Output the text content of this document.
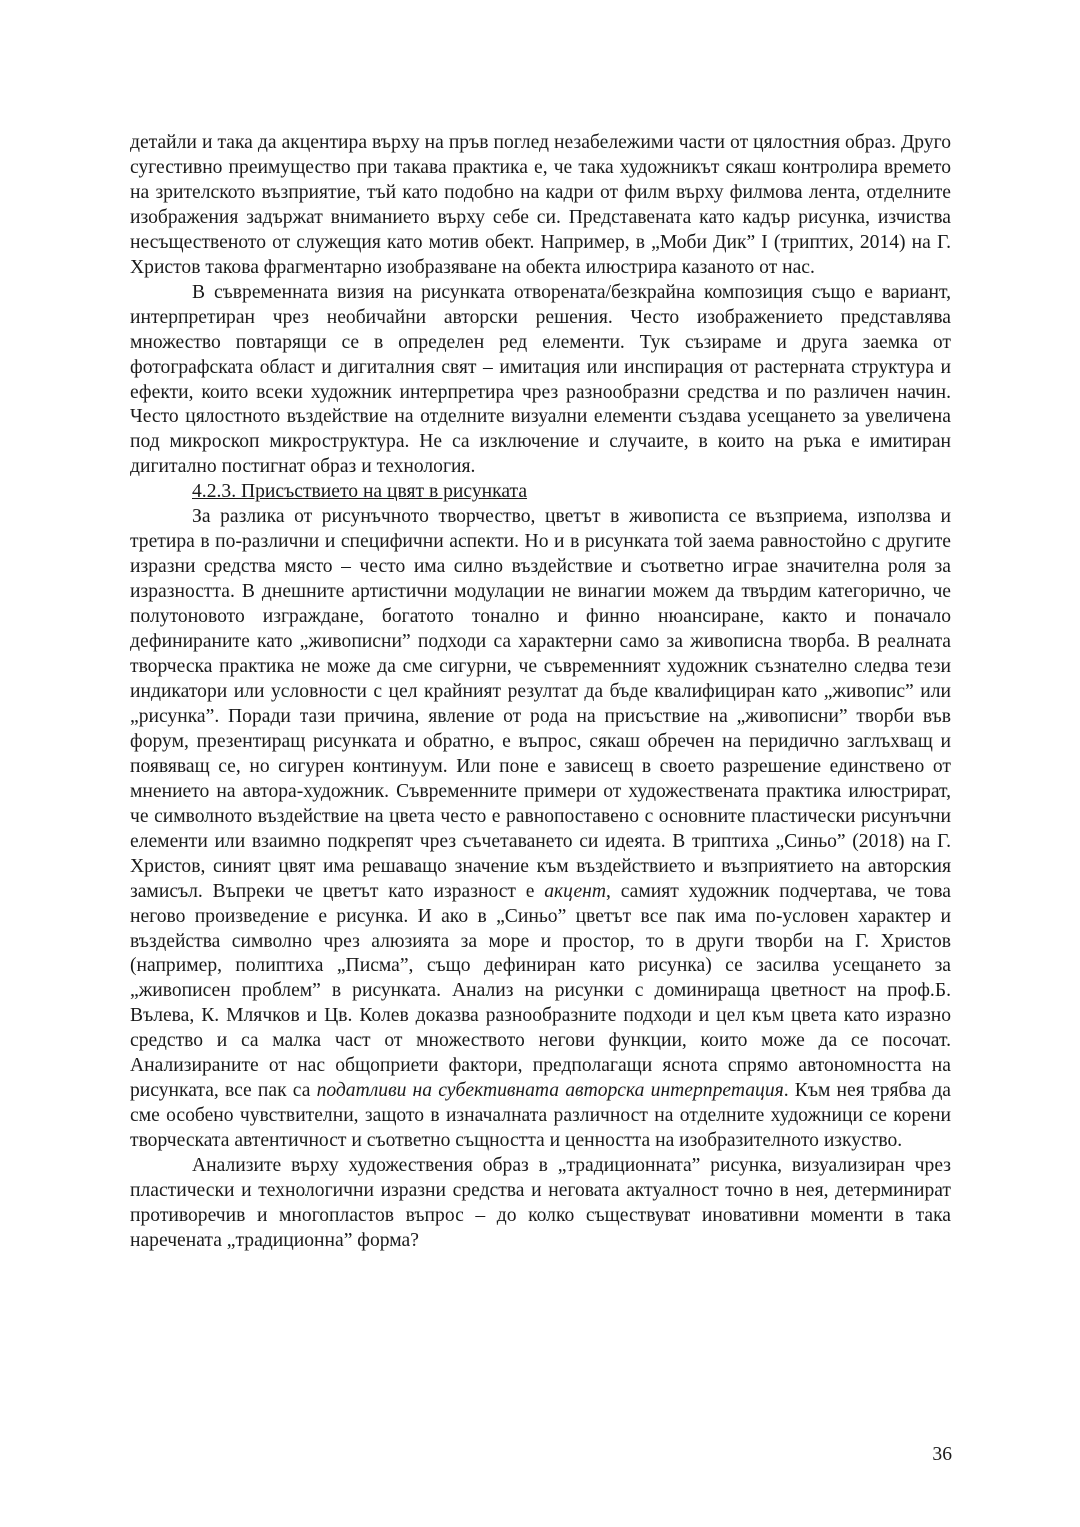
детайли и така да акцентира върху на пръв поглед незабележими части от цялостния образ. Друго сугестивно преимущество при такава практика е, че така художникът сякаш контролира времето на зрителското възприятие, тъй като подобно на кадри от филм върху филмова лента, отделните изображения задържат вниманието върху себе си. Представената като кадър рисунка, изчиства несъщественото от служещия като мотив обект. Например, в „Моби Дик” I (триптих, 2014) на Г. Христов такова фрагментарно изобразяване на обекта илюстрира казаното от нас.

В съвременната визия на рисунката отворената/безкрайна композиция също е вариант, интерпретиран чрез необичайни авторски решения. Често изображението представлява множество повтарящи се в определен ред елементи. Тук съзираме и друга заемка от фотографската област и дигиталния свят – имитация или инспирация от растерната структура и ефекти, които всеки художник интерпретира чрез разнообразни средства и по различен начин. Често цялостното въздействие на отделните визуални елементи създава усещането за увеличена под микроскоп микроструктура. Не са изключение и случаите, в които на ръка е имитиран дигитално постигнат образ и технология.

4.2.3. Присъствието на цвят в рисунката

За разлика от рисунъчното творчество, цветът в живописта се възприема, използва и третира в по-различни и специфични аспекти. Но и в рисунката той заема равностойно с другите изразни средства място – често има силно въздействие и съответно играе значителна роля за изразността. В днешните артистични модулации не винагии можем да твърдим категорично, че полутоновото изграждане, богатото тонално и финно нюансиране, както и поначало дефинираните като „живописни” подходи са характерни само за живописна творба. В реалната творческа практика не може да сме сигурни, че съвременният художник съзнателно следва тези индикатори или условности с цел крайният резултат да бъде квалифициран като „живопис” или „рисунка”. Поради тази причина, явление от рода на присъствие на „живописни” творби във форум, презентиращ рисунката и обратно, е въпрос, сякаш обречен на перидично заглъхващ и появяващ се, но сигурен континуум. Или поне е зависещ в своето разрешение единствено от мнението на автора-художник. Съвременните примери от художествената практика илюстрират, че символното въздействие на цвета често е равнопоставено с основните пластически рисунъчни елементи или взаимно подкрепят чрез съчетаването си идеята. В триптиха „Синьо” (2018) на Г. Христов, синият цвят има решаващо значение към въздействието и възприятието на авторския замисъл. Въпреки че цветът като изразност е акцент, самият художник подчертава, че това негово произведение е рисунка. И ако в „Синьо” цветът все пак има по-условен характер и въздейства символно чрез алюзията за море и простор, то в други творби на Г. Христов (например, полиптиха „Писма”, също дефиниран като рисунка) се засилва усещането за „живописен проблем” в рисунката. Анализ на рисунки с доминираща цветност на проф.Б. Вълева, К. Млячков и Цв. Колев доказва разнообразните подходи и цел към цвета като изразно средство и са малка част от множеството негови функции, които може да се посочат. Анализираните от нас общоприети фактори, предполагащи яснота спрямо автономността на рисунката, все пак са податливи на субективната авторска интерпретация. Към нея трябва да сме особено чувствителни, защото в изначалната различност на отделните художници се корени творческата автентичност и съответно същността и ценността на изобразителното изкуство.

Анализите върху художествения образ в „традиционната” рисунка, визуализиран чрез пластически и технологични изразни средства и неговата актуалност точно в нея, детерминират противоречив и многопластов въпрос – до колко съществуват иновативни моменти в така наречената „традиционна” форма?

36
